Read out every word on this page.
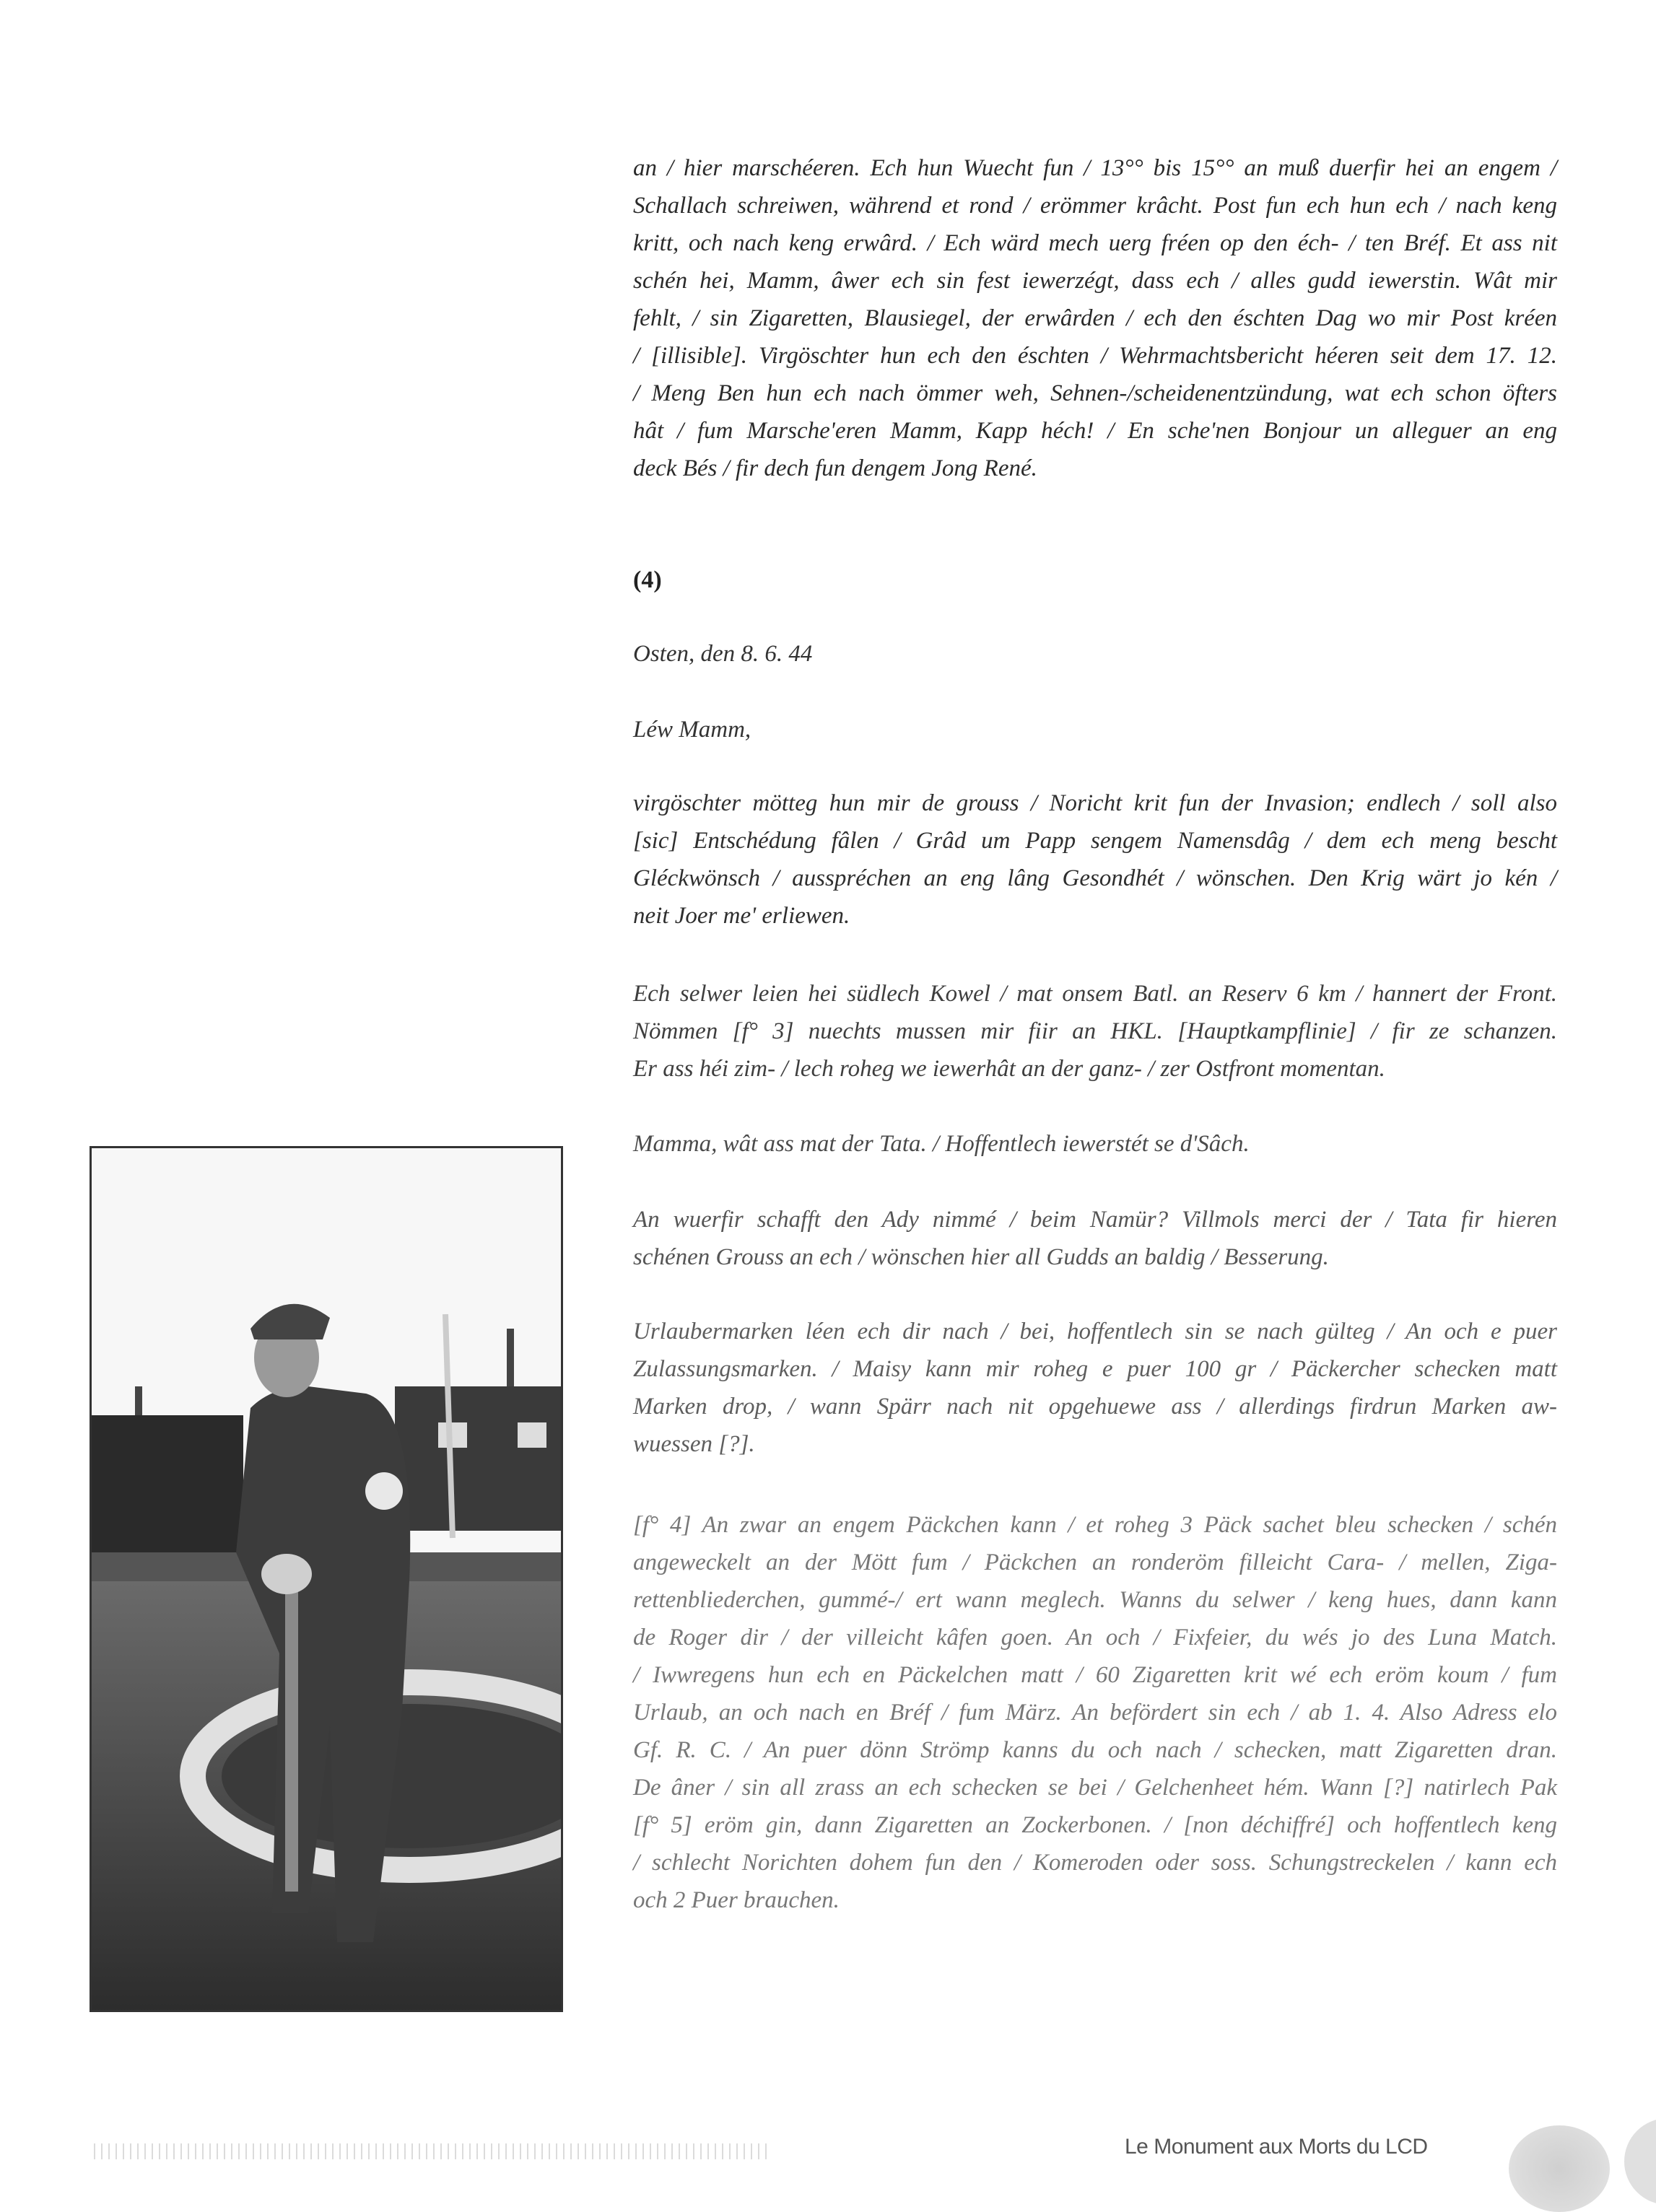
an / hier marschéeren. Ech hun Wuecht fun / 13°° bis 15°° an muß duerfir hei an engem /
Schallach schreiwen, während et rond / erömmer krâcht. Post fun ech hun ech / nach keng
kritt, och nach keng erwârd. / Ech wärd mech uerg fréen op den éch- / ten Bréf. Et ass nit
schén hei, Mamm, âwer ech sin fest iewerzégt, dass ech / alles gudd iewerstin. Wât mir
fehlt, / sin Zigaretten, Blausiegel, der erwârden / ech den éschten Dag wo mir Post kréen
/ [illisible]. Virgöschter hun ech den éschten / Wehrmachtsbericht héeren seit dem 17. 12.
/ Meng Ben hun ech nach ömmer weh, Sehnen-/scheidenentzündung, wat ech schon öfters
hât / fum Marsche'eren Mamm, Kapp héch! / En sche'nen Bonjour un alleguer an eng
deck Bés / fir dech fun dengem Jong René.
(4)
Osten, den 8. 6. 44
Léw Mamm,
virgöschter mötteg hun mir de grouss / Noricht krit fun der Invasion; endlech / soll also
[sic] Entschédung fâlen / Grâd um Papp sengem Namensdâg / dem ech meng bescht
Gléckwönsch / ausspréchen an eng lâng Gesondhét / wönschen. Den Krig wärt jo kén /
neit Joer me' erliewen.
Ech selwer leien hei südlech Kowel / mat onsem Batl. an Reserv 6 km / hannert der Front.
Nömmen [f° 3] nuechts mussen mir fiir an HKL. [Hauptkampflinie] / fir ze schanzen.
Er ass héi zim- / lech roheg we iewerhât an der ganz- / zer Ostfront momentan.
Mamma, wât ass mat der Tata. / Hoffentlech iewerstét se d'Sâch.
An wuerfir schafft den Ady nimmé / beim Namür? Villmols merci der / Tata fir hieren
schénen Grouss an ech / wönschen hier all Gudds an baldig / Besserung.
Urlaubermarken léen ech dir nach / bei, hoffentlech sin se nach gülteg / An och e puer
Zulassungsmarken. / Maisy kann mir roheg e puer 100 gr / Päckercher schecken matt
Marken drop, / wann Spärr nach nit opgehuewe ass / allerdings firdrun Marken aw-
wuessen [?].
[f° 4] An zwar an engem Päckchen kann / et roheg 3 Päck sachet bleu schecken / schén
angeweckelt an der Mött fum / Päckchen an ronderöm filleicht Cara- / mellen, Ziga-
rettenbliederchen, gummé-/ ert wann meglech. Wanns du selwer / keng hues, dann kann
de Roger dir / der villeicht kâfen goen. An och / Fixfeier, du wés jo des Luna Match.
/ Iwwregens hun ech en Päckelchen matt / 60 Zigaretten krit wé ech eröm koum / fum
Urlaub, an och nach en Bréf / fum März. An befördert sin ech / ab 1. 4. Also Adress elo
Gf. R. C. / An puer dönn Strömp kanns du och nach / schecken, matt Zigaretten dran.
De âner / sin all zrass an ech schecken se bei / Gelchenheet hém. Wann [?] natirlech Pak
[f° 5] eröm gin, dann Zigaretten an Zockerbonen. / [non déchiffré] och hoffentlech keng
/ schlecht Norichten dohem fun den / Komeroden oder soss. Schungstreckelen / kann ech
och 2 Puer brauchen.
Le Monument aux Morts du LCD
